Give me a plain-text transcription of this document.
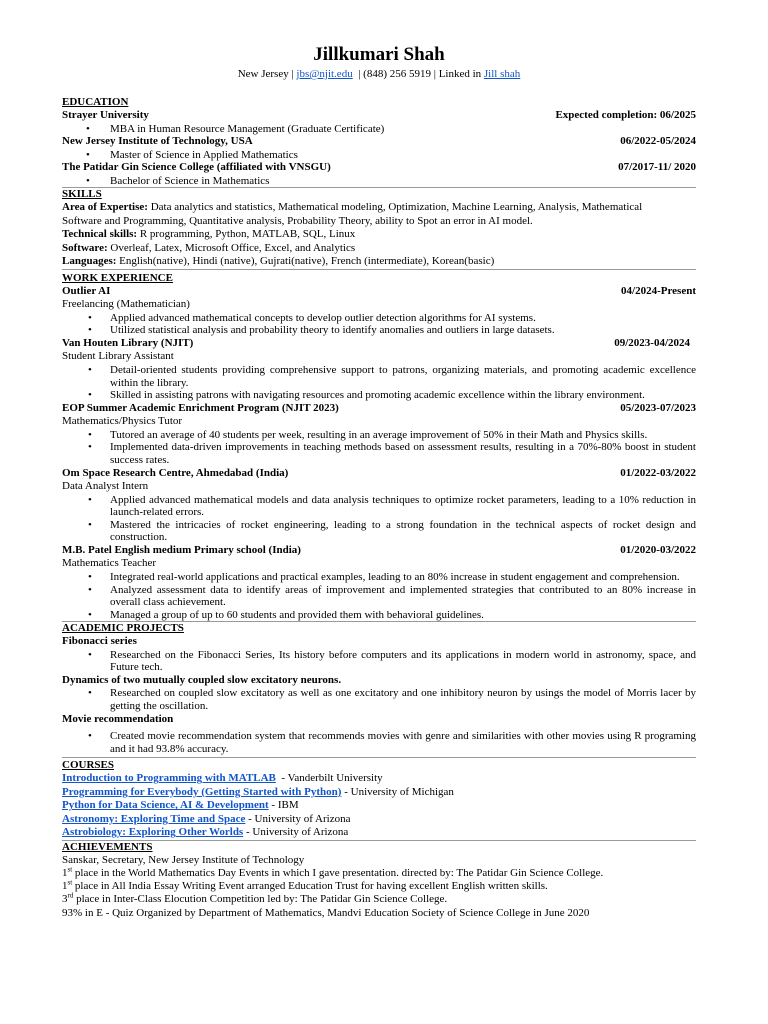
Jillkumari Shah
New Jersey | jbs@njit.edu  | (848) 256 5919 | Linked in Jill shah
EDUCATION
Strayer University	Expected completion: 06/2025
• MBA in Human Resource Management (Graduate Certificate)
New Jersey Institute of Technology, USA	06/2022-05/2024
• Master of Science in Applied Mathematics
The Patidar Gin Science College (affiliated with VNSGU)	07/2017-11/ 2020
• Bachelor of Science in Mathematics
SKILLS
Area of Expertise: Data analytics and statistics, Mathematical modeling, Optimization, Machine Learning, Analysis, Mathematical
Software and Programming, Quantitative analysis, Probability Theory, ability to Spot an error in AI model.
Technical skills: R programming, Python, MATLAB, SQL, Linux
Software: Overleaf, Latex, Microsoft Office, Excel, and Analytics
Languages: English(native), Hindi (native), Gujrati(native), French (intermediate), Korean(basic)
WORK EXPERIENCE
Outlier AI	04/2024-Present
Freelancing (Mathematician)
• Applied advanced mathematical concepts to develop outlier detection algorithms for AI systems.
• Utilized statistical analysis and probability theory to identify anomalies and outliers in large datasets.
Van Houten Library (NJIT)	09/2023-04/2024
Student Library Assistant
• Detail-oriented students providing comprehensive support to patrons, organizing materials, and promoting academic excellence within the library.
• Skilled in assisting patrons with navigating resources and promoting academic excellence within the library environment.
EOP Summer Academic Enrichment Program (NJIT 2023)	05/2023-07/2023
Mathematics/Physics Tutor
• Tutored an average of 40 students per week, resulting in an average improvement of 50% in their Math and Physics skills.
• Implemented data-driven improvements in teaching methods based on assessment results, resulting in a 70%-80% boost in student success rates.
Om Space Research Centre, Ahmedabad (India)	01/2022-03/2022
Data Analyst Intern
• Applied advanced mathematical models and data analysis techniques to optimize rocket parameters, leading to a 10% reduction in launch-related errors.
• Mastered the intricacies of rocket engineering, leading to a strong foundation in the technical aspects of rocket design and construction.
M.B. Patel English medium Primary school (India)	01/2020-03/2022
Mathematics Teacher
• Integrated real-world applications and practical examples, leading to an 80% increase in student engagement and comprehension.
• Analyzed assessment data to identify areas of improvement and implemented strategies that contributed to an 80% increase in overall class achievement.
• Managed a group of up to 60 students and provided them with behavioral guidelines.
ACADEMIC PROJECTS
Fibonacci series
• Researched on the Fibonacci Series, Its history before computers and its applications in modern world in astronomy, space, and Future tech.
Dynamics of two mutually coupled slow excitatory neurons.
• Researched on coupled slow excitatory as well as one excitatory and one inhibitory neuron by usings the model of Morris lacer by getting the oscillation.
Movie recommendation
• Created movie recommendation system that recommends movies with genre and similarities with other movies using R programing and it had 93.8% accuracy.
COURSES
Introduction to Programming with MATLAB  - Vanderbilt University
Programming for Everybody (Getting Started with Python) - University of Michigan
Python for Data Science, AI & Development - IBM
Astronomy: Exploring Time and Space - University of Arizona
Astrobiology: Exploring Other Worlds - University of Arizona
ACHIEVEMENTS
Sanskar, Secretary, New Jersey Institute of Technology
1st place in the World Mathematics Day Events in which I gave presentation. directed by: The Patidar Gin Science College.
1st place in All India Essay Writing Event arranged Education Trust for having excellent English written skills.
3rd place in Inter-Class Elocution Competition led by: The Patidar Gin Science College.
93% in E - Quiz Organized by Department of Mathematics, Mandvi Education Society of Science College in June 2020
